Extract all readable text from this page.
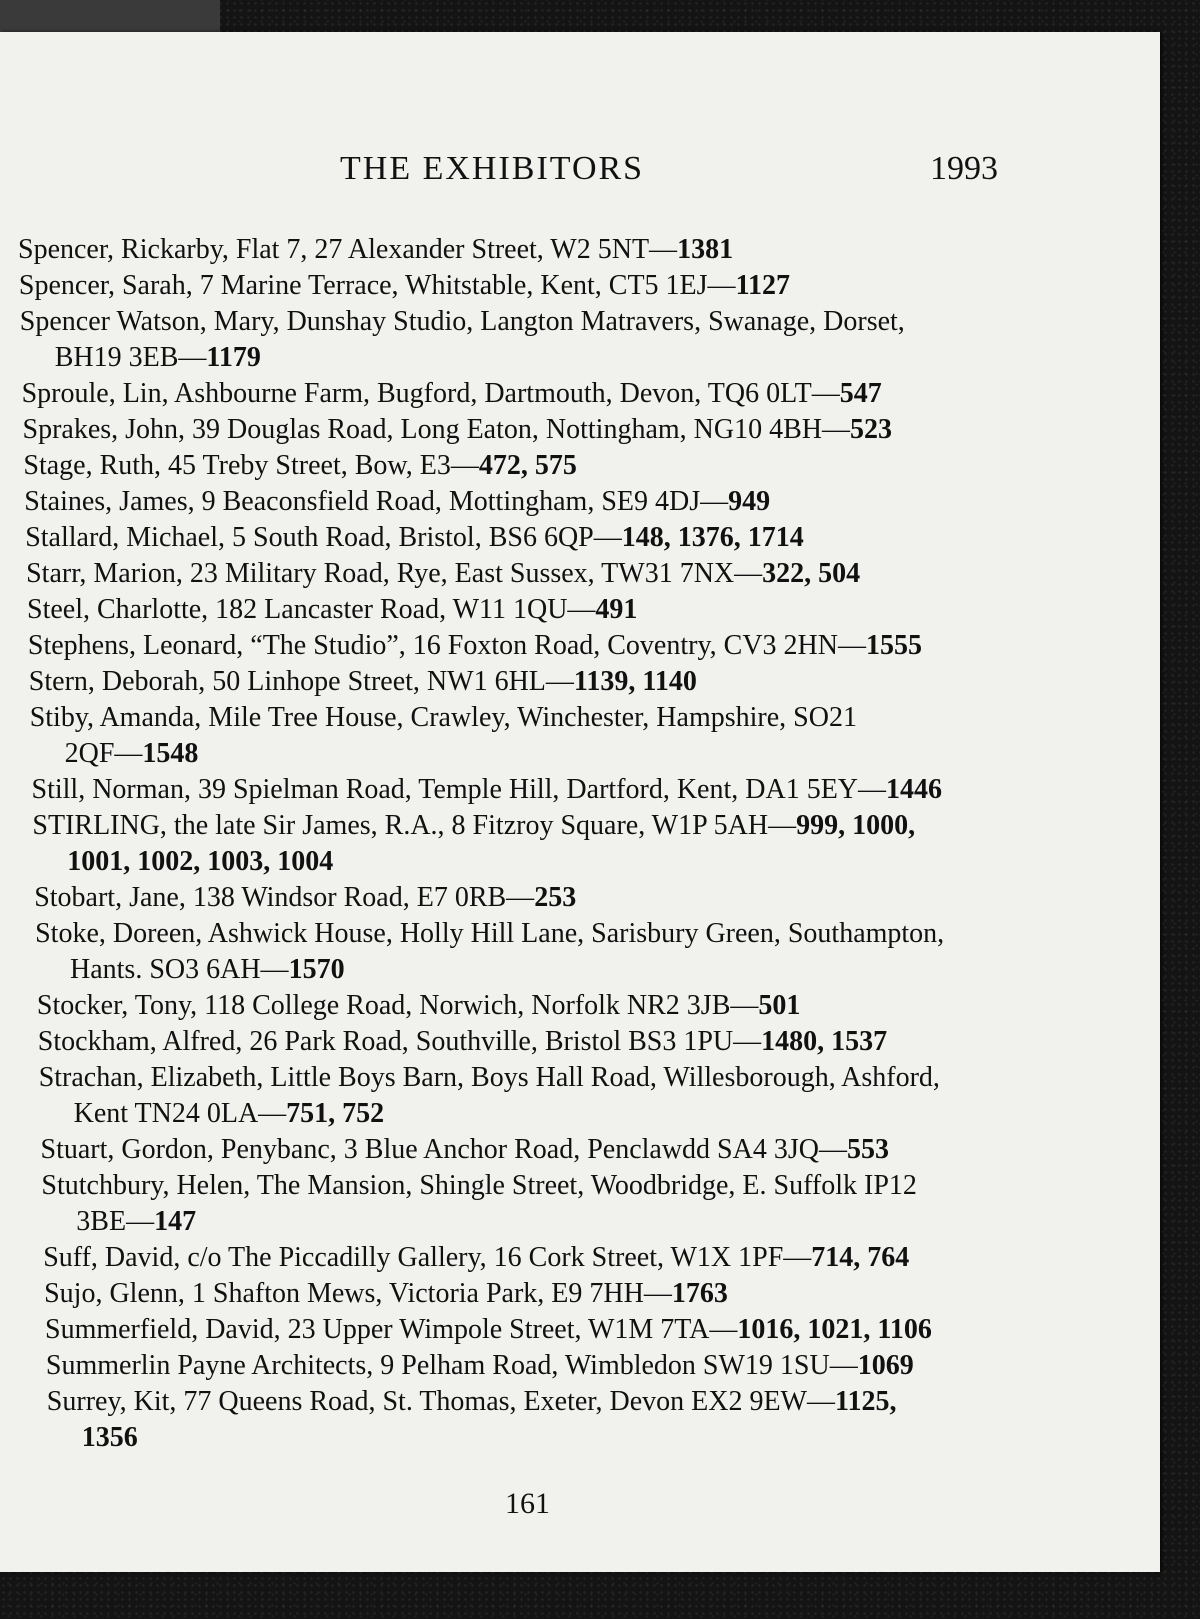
THE EXHIBITORS	1993
Spencer, Rickarby, Flat 7, 27 Alexander Street, W2 5NT—1381
Spencer, Sarah, 7 Marine Terrace, Whitstable, Kent, CT5 1EJ—1127
Spencer Watson, Mary, Dunshay Studio, Langton Matravers, Swanage, Dorset,
BH19 3EB—1179
Sproule, Lin, Ashbourne Farm, Bugford, Dartmouth, Devon, TQ6 0LT—547
Sprakes, John, 39 Douglas Road, Long Eaton, Nottingham, NG10 4BH—523
Stage, Ruth, 45 Treby Street, Bow, E3—472, 575
Staines, James, 9 Beaconsfield Road, Mottingham, SE9 4DJ—949
Stallard, Michael, 5 South Road, Bristol, BS6 6QP—148, 1376, 1714
Starr, Marion, 23 Military Road, Rye, East Sussex, TW31 7NX—322, 504
Steel, Charlotte, 182 Lancaster Road, W11 1QU—491
Stephens, Leonard, “The Studio”, 16 Foxton Road, Coventry, CV3 2HN—1555
Stern, Deborah, 50 Linhope Street, NW1 6HL—1139, 1140
Stiby, Amanda, Mile Tree House, Crawley, Winchester, Hampshire, SO21
2QF—1548
Still, Norman, 39 Spielman Road, Temple Hill, Dartford, Kent, DA1 5EY—1446
STIRLING, the late Sir James, R.A., 8 Fitzroy Square, W1P 5AH—999, 1000,
1001, 1002, 1003, 1004
Stobart, Jane, 138 Windsor Road, E7 0RB—253
Stoke, Doreen, Ashwick House, Holly Hill Lane, Sarisbury Green, Southampton,
Hants. SO3 6AH—1570
Stocker, Tony, 118 College Road, Norwich, Norfolk NR2 3JB—501
Stockham, Alfred, 26 Park Road, Southville, Bristol BS3 1PU—1480, 1537
Strachan, Elizabeth, Little Boys Barn, Boys Hall Road, Willesborough, Ashford,
Kent TN24 0LA—751, 752
Stuart, Gordon, Penybanc, 3 Blue Anchor Road, Penclawdd SA4 3JQ—553
Stutchbury, Helen, The Mansion, Shingle Street, Woodbridge, E. Suffolk IP12
3BE—147
Suff, David, c/o The Piccadilly Gallery, 16 Cork Street, W1X 1PF—714, 764
Sujo, Glenn, 1 Shafton Mews, Victoria Park, E9 7HH—1763
Summerfield, David, 23 Upper Wimpole Street, W1M 7TA—1016, 1021, 1106
Summerlin Payne Architects, 9 Pelham Road, Wimbledon SW19 1SU—1069
Surrey, Kit, 77 Queens Road, St. Thomas, Exeter, Devon EX2 9EW—1125,
1356
161
